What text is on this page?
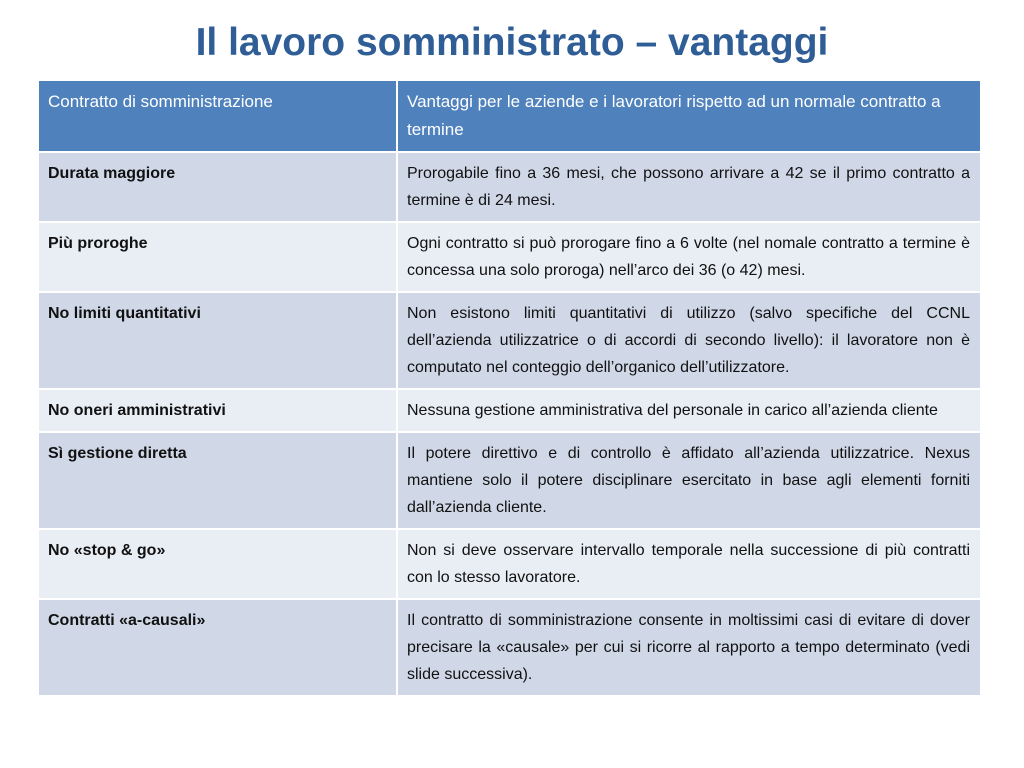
Il lavoro somministrato – vantaggi
Contratto di somministrazione	Vantaggi per le aziende e i lavoratori rispetto ad un normale contratto a termine
Durata maggiore	Prorogabile fino a 36 mesi, che possono arrivare a 42 se il primo contratto a termine è di 24 mesi.
Più proroghe	Ogni contratto si può prorogare fino a 6 volte (nel nomale contratto a termine è concessa una solo proroga) nell’arco dei 36 (o 42) mesi.
No limiti quantitativi	Non esistono limiti quantitativi di utilizzo (salvo specifiche del CCNL dell’azienda utilizzatrice o di accordi di secondo livello): il lavoratore non è computato nel conteggio dell’organico dell’utilizzatore.
No oneri amministrativi	Nessuna gestione amministrativa del personale in carico all’azienda cliente
Sì gestione diretta	Il potere direttivo e di controllo è affidato all’azienda utilizzatrice. Nexus mantiene solo il potere disciplinare esercitato in base agli elementi forniti dall’azienda cliente.
No «stop & go»	Non si deve osservare intervallo temporale nella successione di più contratti con lo stesso lavoratore.
Contratti «a-causali»	Il contratto di somministrazione consente in moltissimi casi di evitare di dover precisare la «causale» per cui si ricorre al rapporto a tempo determinato (vedi slide successiva).
